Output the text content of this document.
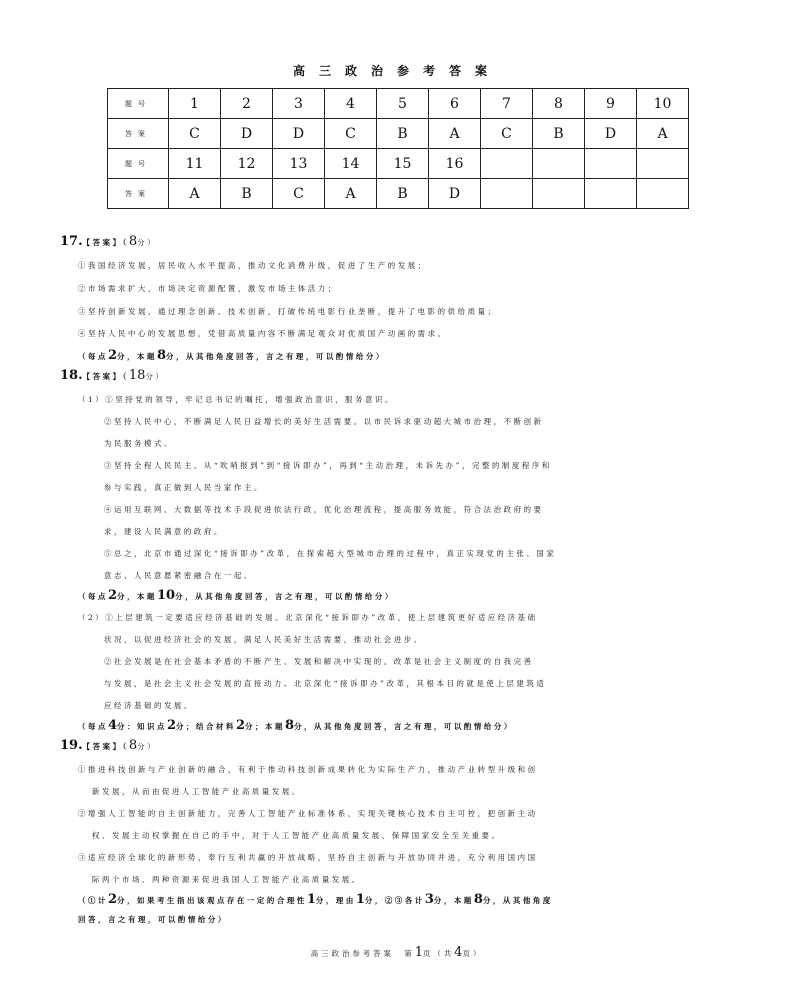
高三政治参考答案
题号	1	2	3	4	5	6	7	8	9	10
答案	C	D	D	C	B	A	C	B	D	A
题号	11	12	13	14	15	16				
答案	A	B	C	A	B	D				
17.【答案】（8分）
①我国经济发展，居民收入水平提高，推动文化消费升级，促进了生产的发展；
②市场需求扩大，市场决定资源配置，激发市场主体活力；
③坚持创新发展，通过理念创新、技术创新，打破传统电影行业垄断，提升了电影的供给质量；
④坚持人民中心的发展思想，凭借高质量内容不断满足观众对优质国产动画的需求。
（每点2分，本题8分，从其他角度回答，言之有理，可以酌情给分）
18.【答案】（18分）
（1）①坚持党的领导，牢记总书记的嘱托，增强政治意识，服务意识。
②坚持人民中心，不断满足人民日益增长的美好生活需要。以市民诉求驱动超大城市治理，不断创新
为民服务模式。
③坚持全程人民民主。从“吹哨报到”到“接诉即办”，再到“主动治理，未诉先办”，完整的制度程序和
参与实践，真正做到人民当家作主。
④运用互联网、大数据等技术手段促进依法行政，优化治理流程，提高服务效能，符合法治政府的要
求，建设人民满意的政府。
⑤总之，北京市通过深化“接诉即办”改革，在探索超大型城市治理的过程中，真正实现党的主张、国家
意志、人民意愿紧密融合在一起。
（每点2分，本题10分，从其他角度回答，言之有理，可以酌情给分）
（2）①上层建筑一定要适应经济基础的发展。北京深化“接诉即办”改革，使上层建筑更好适应经济基础
状况，以促进经济社会的发展，满足人民美好生活需要，推动社会进步。
②社会发展是在社会基本矛盾的不断产生、发展和解决中实现的。改革是社会主义制度的自我完善
与发展，是社会主义社会发展的直接动力。北京深化“接诉即办”改革，其根本目的就是使上层建筑适
应经济基础的发展。
（每点4分：知识点2分；结合材料2分；本题8分，从其他角度回答，言之有理，可以酌情给分）
19.【答案】（8分）
①推进科技创新与产业创新的融合，有利于推动科技创新成果转化为实际生产力，推动产业转型升级和创
新发展，从而由促进人工智能产业高质量发展。
②增强人工智能的自主创新能力，完善人工智能产业标准体系，实现关键核心技术自主可控，把创新主动
权、发展主动权掌握在自己的手中，对于人工智能产业高质量发展、保障国家安全至关重要。
③适应经济全球化的新形势，奉行互利共赢的开放战略，坚持自主创新与开放协同并进，充分利用国内国
际两个市场、两种资源来促进我国人工智能产业高质量发展。
（①计2分，如果考生指出该观点存在一定的合理性1分，理由1分，②③各计3分，本题8分，从其他角度
回答，言之有理，可以酌情给分）
高三政治参考答案　第1页（共4页）
